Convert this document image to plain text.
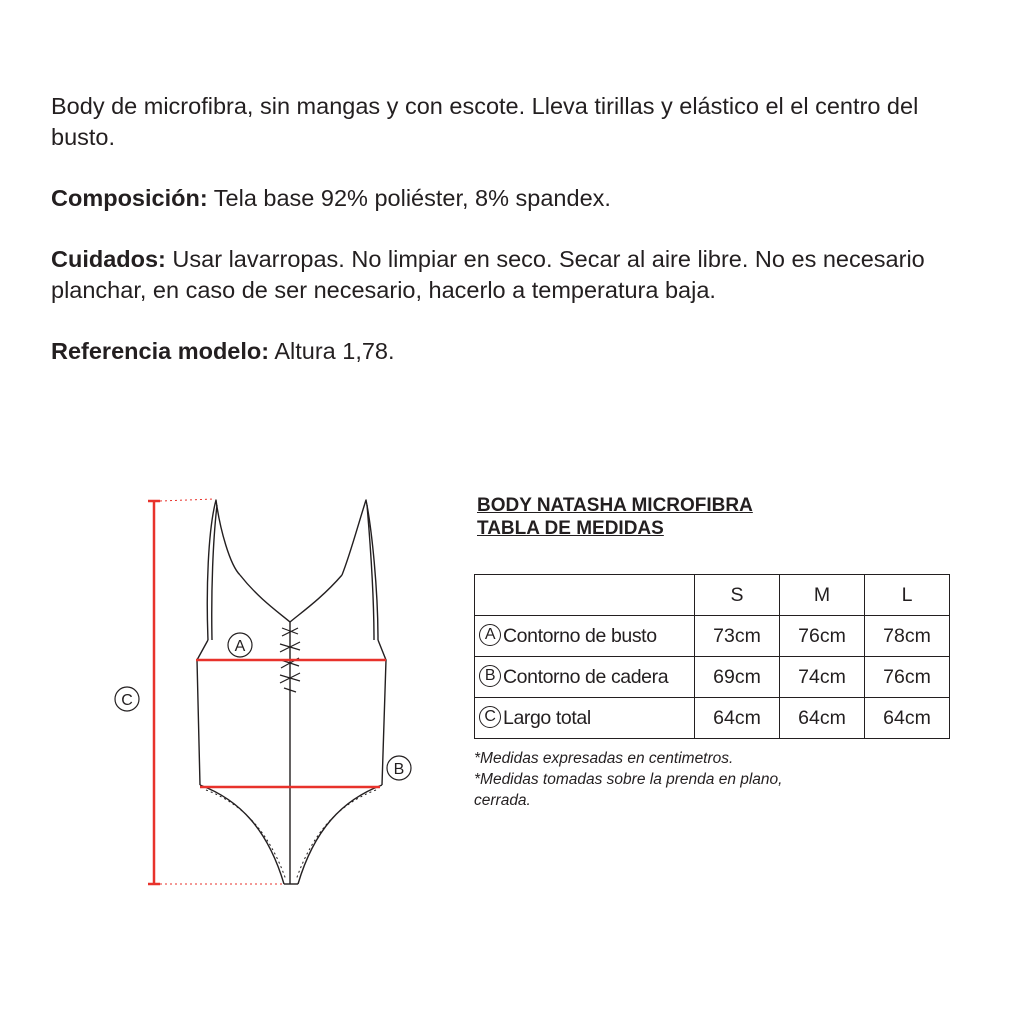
Body de microfibra, sin mangas y con escote. Lleva tirillas y elástico el el centro del busto.

Composición: Tela base 92% poliéster, 8% spandex.

Cuidados: Usar lavarropas. No limpiar en seco. Secar al aire libre. No es necesario planchar, en caso de ser necesario, hacerlo a temperatura baja.

Referencia modelo: Altura 1,78.

A
B
C
BODY NATASHA MICROFIBRA
TABLA DE MEDIDAS
	S	M	L
A Contorno de busto	73cm	76cm	78cm
B Contorno de cadera	69cm	74cm	76cm
C Largo total	64cm	64cm	64cm
*Medidas expresadas en centimetros.
*Medidas tomadas sobre la prenda en plano, cerrada.
